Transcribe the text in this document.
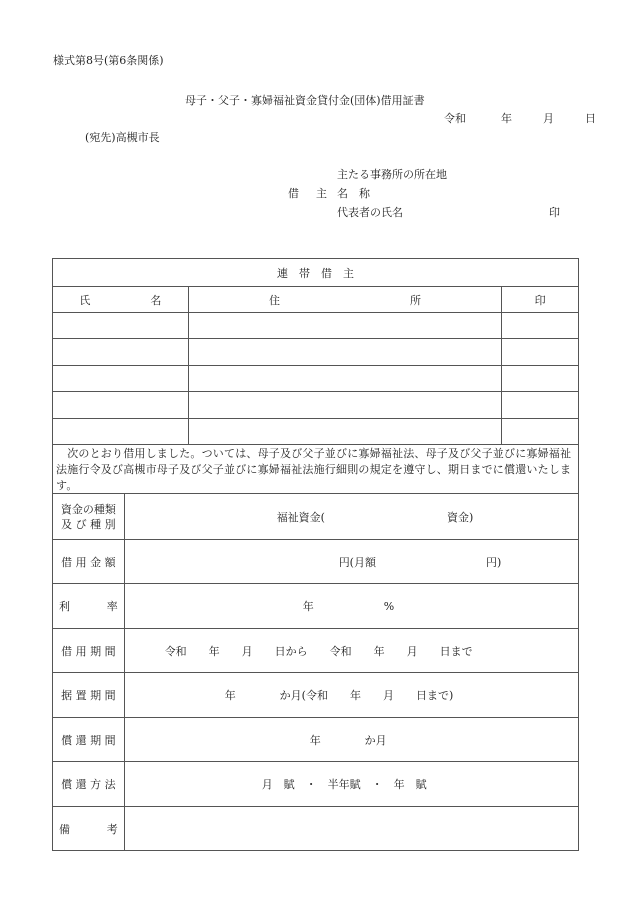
様式第8号(第6条関係)
母子・父子・寡婦福祉資金貸付金(団体)借用証書
令和	年	月	日
(宛先)高槻市長
主たる事務所の所在地
借 主 名　称
代表者の氏名	印
連　帯　借　主		
氏 名	住 所	印

　次のとおり借用しました。ついては、母子及び父子並びに寡婦福祉法、母子及び父子並びに寡婦福祉法施行令及び高槻市母子及び父子並びに寡婦福祉法施行細則の規定を遵守し、期日までに償還いたします。
資金の種類
及 び 種 別	福祉資金( 資金)
借 用 金 額	円(月額 円)
利 率	年 %
借 用 期 間	令和　　年　　月　　日から　　令和　　年　　月　　日まで
据 置 期 間	年　　　　か月(令和　　年　　月　　日まで)
償 還 期 間	年　　　　か月
償 還 方 法	月　賦　・　半年賦　・　年　賦
備 考	
